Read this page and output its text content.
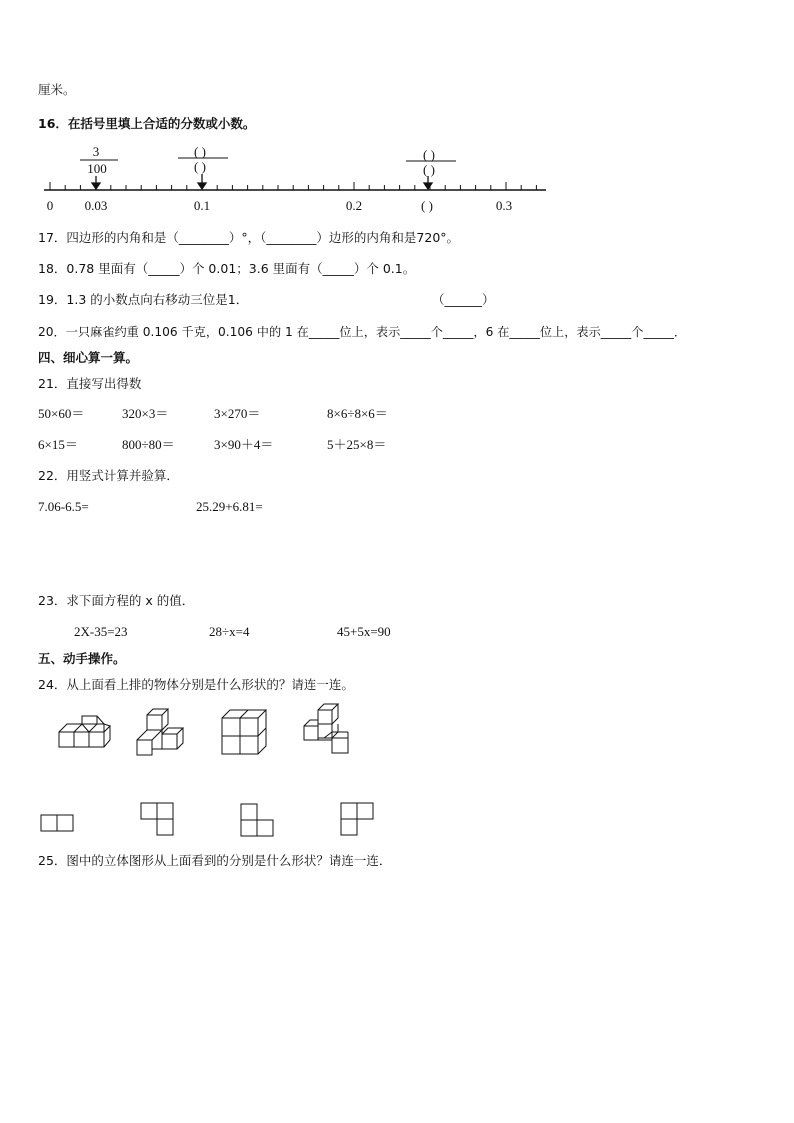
厘米。
16．在括号里填上合适的分数或小数。
3
100
( )
( )
( )
( )
0 0.03	0.1	0.2	( )	0.3
17．四边形的内角和是（________）°，（________）边形的内角和是720°。
18．0.78 里面有（_____）个 0.01；3.6 里面有（_____）个 0.1。
19．1.3 的小数点向右移动三位是1．	（______）
20．一只麻雀约重 0.106 千克，0.106 中的 1 在_____位上，表示_____个_____，6 在_____位上，表示_____个_____．
四、细心算一算。
21．直接写出得数
50×60＝	320×3＝	3×270＝	8×6÷8×6＝
6×15＝	800÷80＝	3×90＋4＝	5＋25×8＝
22．用竖式计算并验算．
7.06-6.5=	25.29+6.81=
23．求下面方程的 x 的值．
2X-35=23	28÷x=4	45+5x=90
五、动手操作。
24．从上面看上排的物体分别是什么形状的？请连一连。
25．图中的立体图形从上面看到的分别是什么形状？请连一连．
